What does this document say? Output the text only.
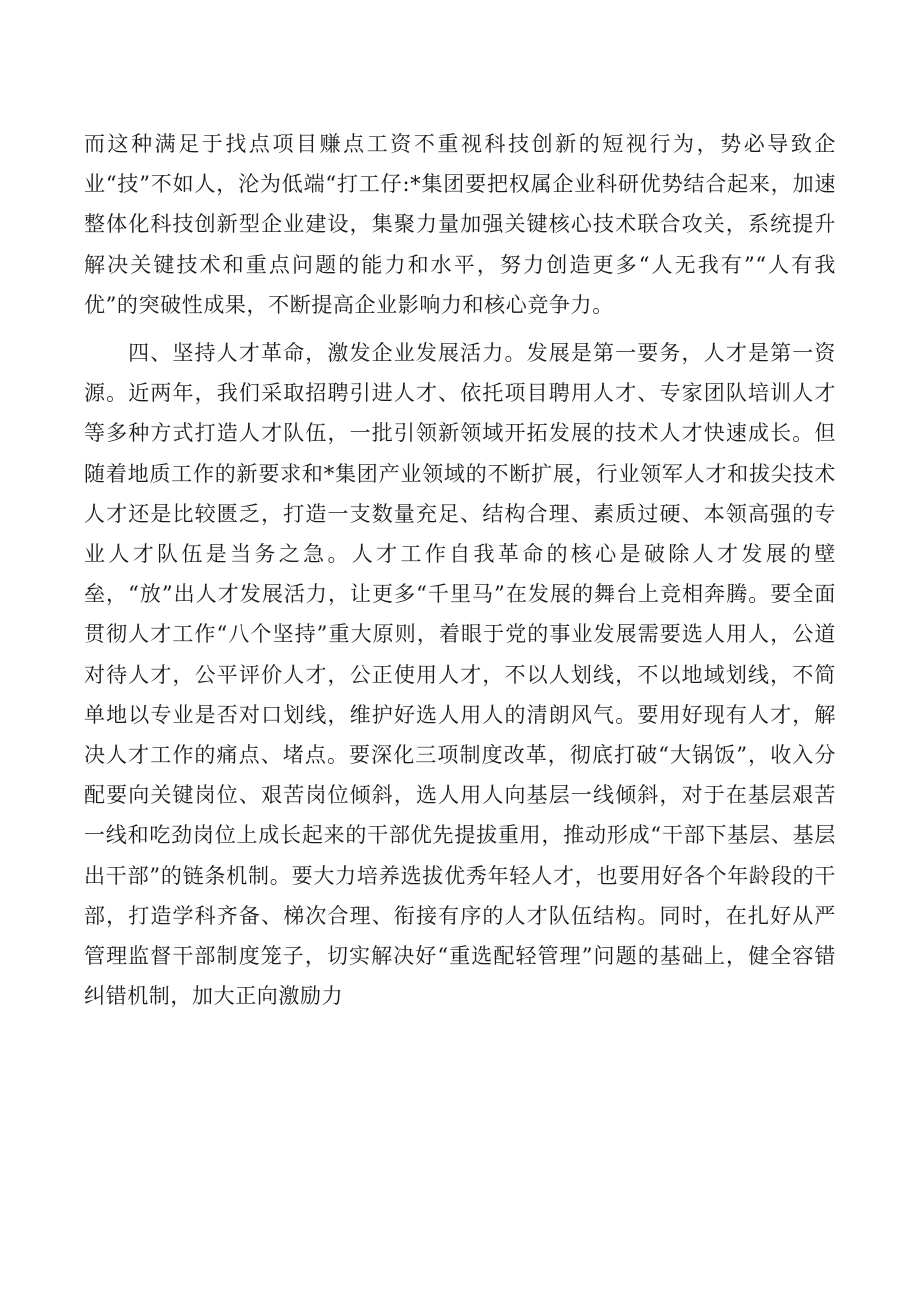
而这种满足于找点项目赚点工资不重视科技创新的短视行为，势必导致企业“技”不如人，沦为低端“打工仔:*集团要把权属企业科研优势结合起来，加速整体化科技创新型企业建设，集聚力量加强关键核心技术联合攻关，系统提升解决关键技术和重点问题的能力和水平，努力创造更多“人无我有”“人有我优”的突破性成果，不断提高企业影响力和核心竞争力。

四、坚持人才革命，激发企业发展活力。发展是第一要务，人才是第一资源。近两年，我们采取招聘引进人才、依托项目聘用人才、专家团队培训人才等多种方式打造人才队伍，一批引领新领域开拓发展的技术人才快速成长。但随着地质工作的新要求和*集团产业领域的不断扩展，行业领军人才和拔尖技术人才还是比较匮乏，打造一支数量充足、结构合理、素质过硬、本领高强的专业人才队伍是当务之急。人才工作自我革命的核心是破除人才发展的壁垒，“放”出人才发展活力，让更多“千里马”在发展的舞台上竞相奔腾。要全面贯彻人才工作“八个坚持”重大原则，着眼于党的事业发展需要选人用人，公道对待人才，公平评价人才，公正使用人才，不以人划线，不以地域划线，不简单地以专业是否对口划线，维护好选人用人的清朗风气。要用好现有人才，解决人才工作的痛点、堵点。要深化三项制度改革，彻底打破“大锅饭”，收入分配要向关键岗位、艰苦岗位倾斜，选人用人向基层一线倾斜，对于在基层艰苦一线和吃劲岗位上成长起来的干部优先提拔重用，推动形成“干部下基层、基层出干部”的链条机制。要大力培养选拔优秀年轻人才，也要用好各个年龄段的干部，打造学科齐备、梯次合理、衔接有序的人才队伍结构。同时，在扎好从严管理监督干部制度笼子，切实解决好“重选配轻管理”问题的基础上，健全容错纠错机制，加大正向激励力
